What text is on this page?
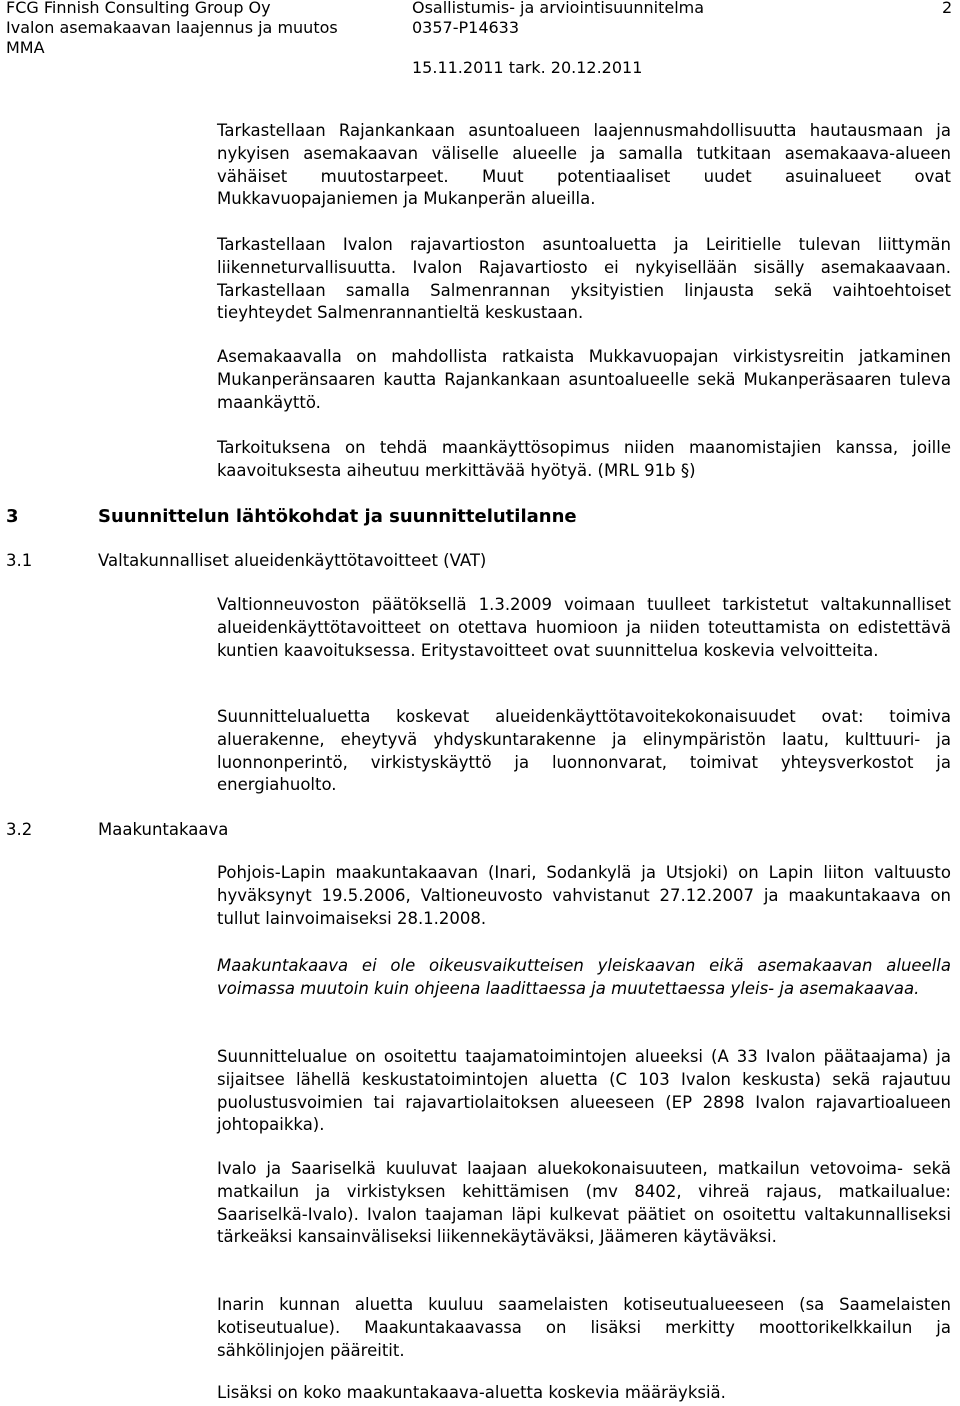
FCG Finnish Consulting Group Oy
Ivalon asemakaavan laajennus ja muutos
MMA
Osallistumis- ja arviointisuunnitelma
0357-P14633
15.11.2011 tark. 20.12.2011
2

Tarkastellaan Rajankankaan asuntoalueen laajennusmahdollisuutta hautausmaan ja nykyisen asemakaavan väliselle alueelle ja samalla tutkitaan asemakaava-alueen vähäiset muutostarpeet. Muut potentiaaliset uudet asuinalueet ovat Mukkavuopajaniemen ja Mukanperän alueilla.

Tarkastellaan Ivalon rajavartioston asuntoaluetta ja Leiritielle tulevan liittymän liikenneturvallisuutta. Ivalon Rajavartiosto ei nykyisellään sisälly asemakaavaan. Tarkastellaan samalla Salmenrannan yksityistien linjausta sekä vaihtoehtoiset tieyhteydet Salmenrannantieltä keskustaan.

Asemakaavalla on mahdollista ratkaista Mukkavuopajan virkistysreitin jatkaminen Mukanperänsaaren kautta Rajankankaan asuntoalueelle sekä Mukanperäsaaren tuleva maankäyttö.

Tarkoituksena on tehdä maankäyttösopimus niiden maanomistajien kanssa, joille kaavoituksesta aiheutuu merkittävää hyötyä. (MRL 91b §)

3	Suunnittelun lähtökohdat ja suunnittelutilanne
3.1	Valtakunnalliset alueidenkäyttötavoitteet (VAT)

Valtionneuvoston päätöksellä 1.3.2009 voimaan tuulleet tarkistetut valtakunnalliset alueidenkäyttötavoitteet on otettava huomioon ja niiden toteuttamista on edistettävä kuntien kaavoituksessa. Eritystavoitteet ovat suunnittelua koskevia velvoitteita.

Suunnittelualuetta koskevat alueidenkäyttötavoitekokonaisuudet ovat: toimiva aluerakenne, eheytyvä yhdyskuntarakenne ja elinympäristön laatu, kulttuuri- ja luonnonperintö, virkistyskäyttö ja luonnonvarat, toimivat yhteysverkostot ja energiahuolto.

3.2	Maakuntakaava

Pohjois-Lapin maakuntakaavan (Inari, Sodankylä ja Utsjoki) on Lapin liiton valtuusto hyväksynyt 19.5.2006, Valtioneuvosto vahvistanut 27.12.2007 ja maakuntakaava on tullut lainvoimaiseksi 28.1.2008.

Maakuntakaava ei ole oikeusvaikutteisen yleiskaavan eikä asemakaavan alueella voimassa muutoin kuin ohjeena laadittaessa ja muutettaessa yleis- ja asemakaavaa.

Suunnittelualue on osoitettu taajamatoimintojen alueeksi (A 33 Ivalon päätaajama) ja sijaitsee lähellä keskustatoimintojen aluetta (C 103 Ivalon keskusta) sekä rajautuu puolustusvoimien tai rajavartiolaitoksen alueeseen (EP 2898 Ivalon rajavartioalueen johtopaikka).

Ivalo ja Saariselkä kuuluvat laajaan aluekokonaisuuteen, matkailun vetovoima- sekä matkailun ja virkistyksen kehittämisen (mv 8402, vihreä rajaus, matkailualue: Saariselkä-Ivalo). Ivalon taajaman läpi kulkevat päätiet on osoitettu valtakunnalliseksi tärkeäksi kansainväliseksi liikennekäytäväksi, Jäämeren käytäväksi.

Inarin kunnan aluetta kuuluu saamelaisten kotiseutualueeseen (sa Saamelaisten kotiseutualue). Maakuntakaavassa on lisäksi merkitty moottorikelkkailun ja sähkölinjojen pääreitit.

Lisäksi on koko maakuntakaava-aluetta koskevia määräyksiä.
